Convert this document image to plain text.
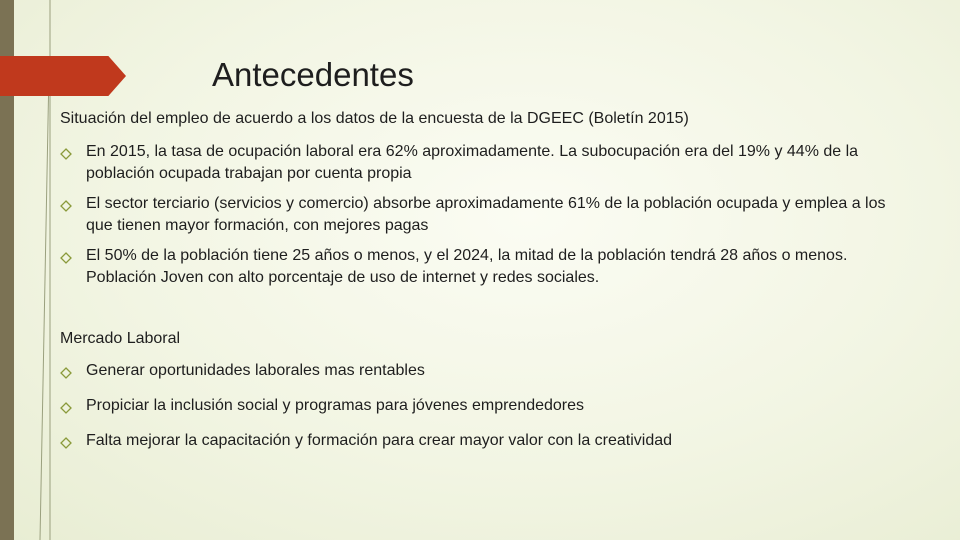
Antecedentes

Situación del empleo de acuerdo a los datos de la encuesta de la DGEEC (Boletín 2015)

En 2015, la tasa de ocupación laboral era 62% aproximadamente. La subocupación era del 19% y 44% de la población ocupada trabajan por cuenta propia
El sector terciario (servicios y comercio) absorbe aproximadamente 61% de la población ocupada y emplea a los que tienen mayor formación, con mejores pagas
El 50% de la población tiene 25 años o menos, y el 2024, la mitad de la población tendrá 28 años o menos. Población Joven con alto porcentaje de uso de internet y redes sociales.

Mercado Laboral

Generar oportunidades laborales mas rentables
Propiciar la inclusión social y programas para jóvenes emprendedores
Falta mejorar la capacitación y formación para crear mayor valor con la creatividad
